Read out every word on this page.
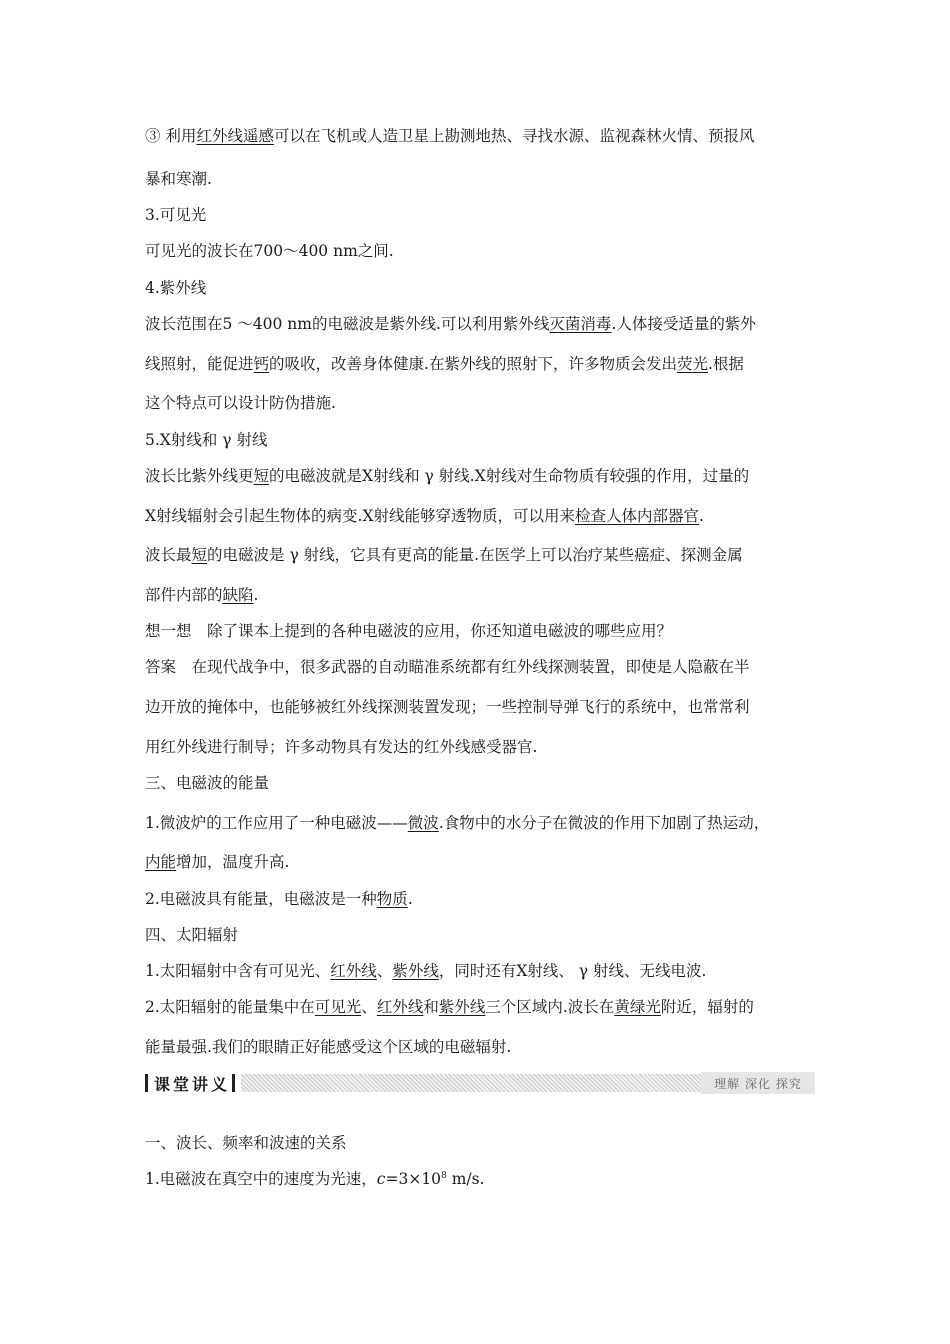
③ 利用红外线遥感可以在飞机或人造卫星上勘测地热、寻找水源、监视森林火情、预报风
暴和寒潮.
3.可见光
可见光的波长在700～400 nm之间.
4.紫外线
波长范围在5 ～400 nm的电磁波是紫外线.可以利用紫外线灭菌消毒.人体接受适量的紫外
线照射，能促进钙的吸收，改善身体健康.在紫外线的照射下，许多物质会发出荧光.根据
这个特点可以设计防伪措施.
5.X射线和 γ 射线
波长比紫外线更短的电磁波就是X射线和 γ 射线.X射线对生命物质有较强的作用，过量的
X射线辐射会引起生物体的病变.X射线能够穿透物质，可以用来检查人体内部器官.
波长最短的电磁波是 γ 射线，它具有更高的能量.在医学上可以治疗某些癌症、探测金属
部件内部的缺陷.
想一想　除了课本上提到的各种电磁波的应用，你还知道电磁波的哪些应用？
答案　在现代战争中，很多武器的自动瞄准系统都有红外线探测装置，即使是人隐蔽在半
边开放的掩体中，也能够被红外线探测装置发现；一些控制导弹飞行的系统中，也常常利
用红外线进行制导；许多动物具有发达的红外线感受器官.
三、电磁波的能量
1.微波炉的工作应用了一种电磁波——微波.食物中的水分子在微波的作用下加剧了热运动，
内能增加，温度升高.
2.电磁波具有能量，电磁波是一种物质.
四、太阳辐射
1.太阳辐射中含有可见光、红外线、紫外线，同时还有X射线、 γ 射线、无线电波.
2.太阳辐射的能量集中在可见光、红外线和紫外线三个区域内.波长在黄绿光附近，辐射的
能量最强.我们的眼睛正好能感受这个区域的电磁辐射.
课堂讲义	理解 深化 探究
一、波长、频率和波速的关系
1.电磁波在真空中的速度为光速，$c=3\times 10^8$ m/s.
